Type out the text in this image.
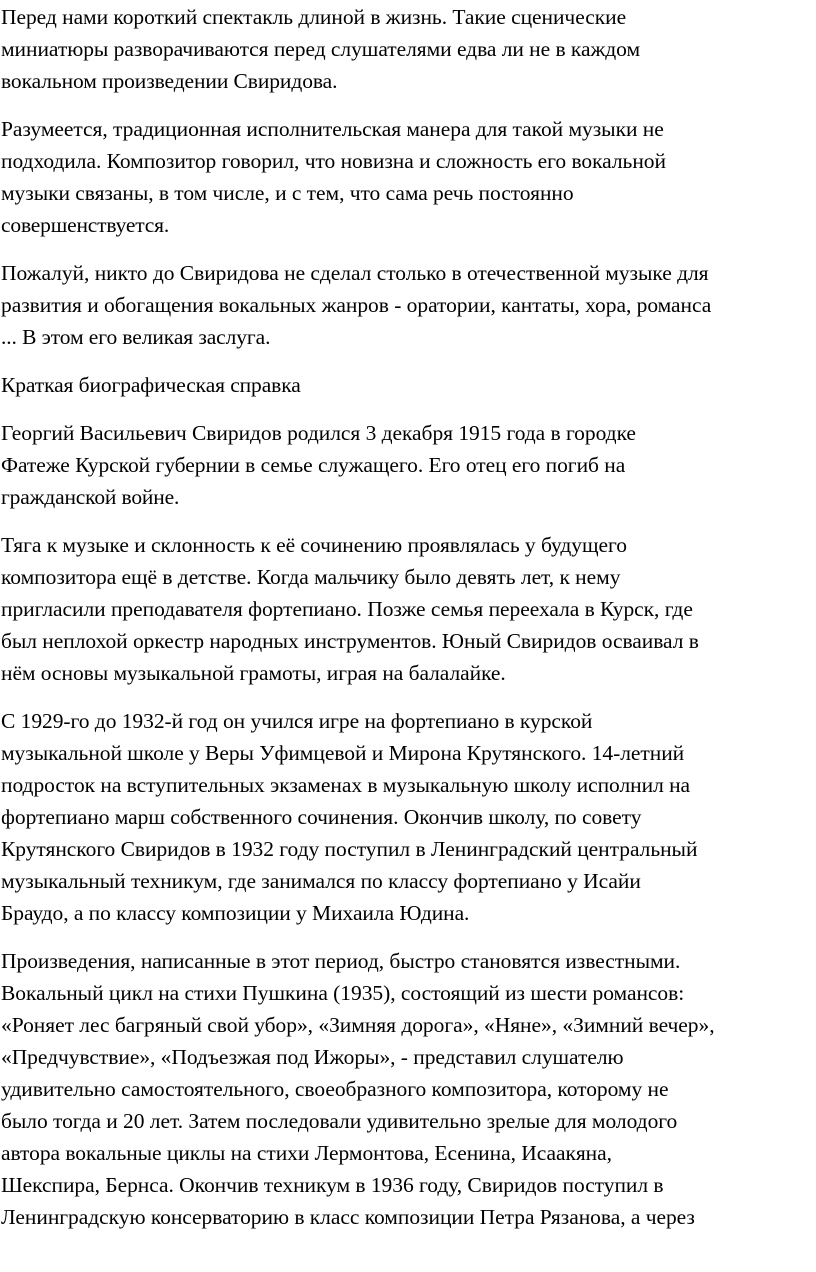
Перед нами короткий спектакль длиной в жизнь. Такие сценические
миниатюры разворачиваются перед слушателями едва ли не в каждом
вокальном произведении Свиридова.

Разумеется, традиционная исполнительская манера для такой музыки не
подходила. Композитор говорил, что новизна и сложность его вокальной
музыки связаны, в том числе, и с тем, что сама речь постоянно
совершенствуется.

Пожалуй, никто до Свиридова не сделал столько в отечественной музыке для
развития и обогащения вокальных жанров - оратории, кантаты, хора, романса
... В этом его великая заслуга.

Краткая биографическая справка

Георгий Васильевич Свиридов родился 3 декабря 1915 года в городке
Фатеже Курской губернии в семье служащего. Его отец его погиб на
гражданской войне.

Тяга к музыке и склонность к её сочинению проявлялась у будущего
композитора ещё в детстве. Когда мальчику было девять лет, к нему
пригласили преподавателя фортепиано. Позже семья переехала в Курск, где
был неплохой оркестр народных инструментов. Юный Свиридов осваивал в
нём основы музыкальной грамоты, играя на балалайке.

С 1929-го до 1932-й год он учился игре на фортепиано в курской
музыкальной школе у Веры Уфимцевой и Мирона Крутянского. 14-летний
подросток на вступительных экзаменах в музыкальную школу исполнил на
фортепиано марш собственного сочинения. Окончив школу, по совету
Крутянского Свиридов в 1932 году поступил в Ленинградский центральный
музыкальный техникум, где занимался по классу фортепиано у Исайи
Браудо, а по классу композиции у Михаила Юдина.

Произведения, написанные в этот период, быстро становятся известными.
Вокальный цикл на стихи Пушкина (1935), состоящий из шести романсов:
«Роняет лес багряный свой убор», «Зимняя дорога», «Няне», «Зимний вечер»,
«Предчувствие», «Подъезжая под Ижоры», - представил слушателю
удивительно самостоятельного, своеобразного композитора, которому не
было тогда и 20 лет. Затем последовали удивительно зрелые для молодого
автора вокальные циклы на стихи Лермонтова, Есенина, Исаакяна,
Шекспира, Бернса. Окончив техникум в 1936 году, Свиридов поступил в
Ленинградскую консерваторию в класс композиции Петра Рязанова, а через
